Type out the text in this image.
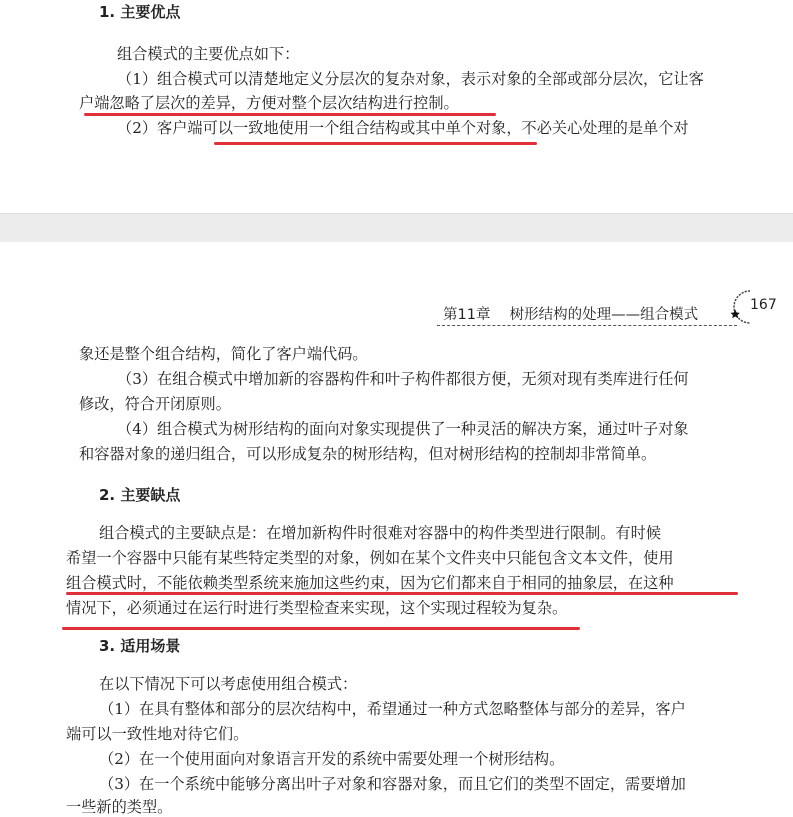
1. 主要优点
组合模式的主要优点如下：
（1）组合模式可以清楚地定义分层次的复杂对象，表示对象的全部或部分层次，它让客
户端忽略了层次的差异，方便对整个层次结构进行控制。
（2）客户端可以一致地使用一个组合结构或其中单个对象，不必关心处理的是单个对
第11章 树形结构的处理——组合模式
167
象还是整个组合结构，简化了客户端代码。
（3）在组合模式中增加新的容器构件和叶子构件都很方便，无须对现有类库进行任何
修改，符合开闭原则。
（4）组合模式为树形结构的面向对象实现提供了一种灵活的解决方案，通过叶子对象
和容器对象的递归组合，可以形成复杂的树形结构，但对树形结构的控制却非常简单。
2. 主要缺点
组合模式的主要缺点是：在增加新构件时很难对容器中的构件类型进行限制。有时候
希望一个容器中只能有某些特定类型的对象，例如在某个文件夹中只能包含文本文件，使用
组合模式时，不能依赖类型系统来施加这些约束，因为它们都来自于相同的抽象层，在这种
情况下，必须通过在运行时进行类型检查来实现，这个实现过程较为复杂。
3. 适用场景
在以下情况下可以考虑使用组合模式：
（1）在具有整体和部分的层次结构中，希望通过一种方式忽略整体与部分的差异，客户
端可以一致性地对待它们。
（2）在一个使用面向对象语言开发的系统中需要处理一个树形结构。
（3）在一个系统中能够分离出叶子对象和容器对象，而且它们的类型不固定，需要增加
一些新的类型。
